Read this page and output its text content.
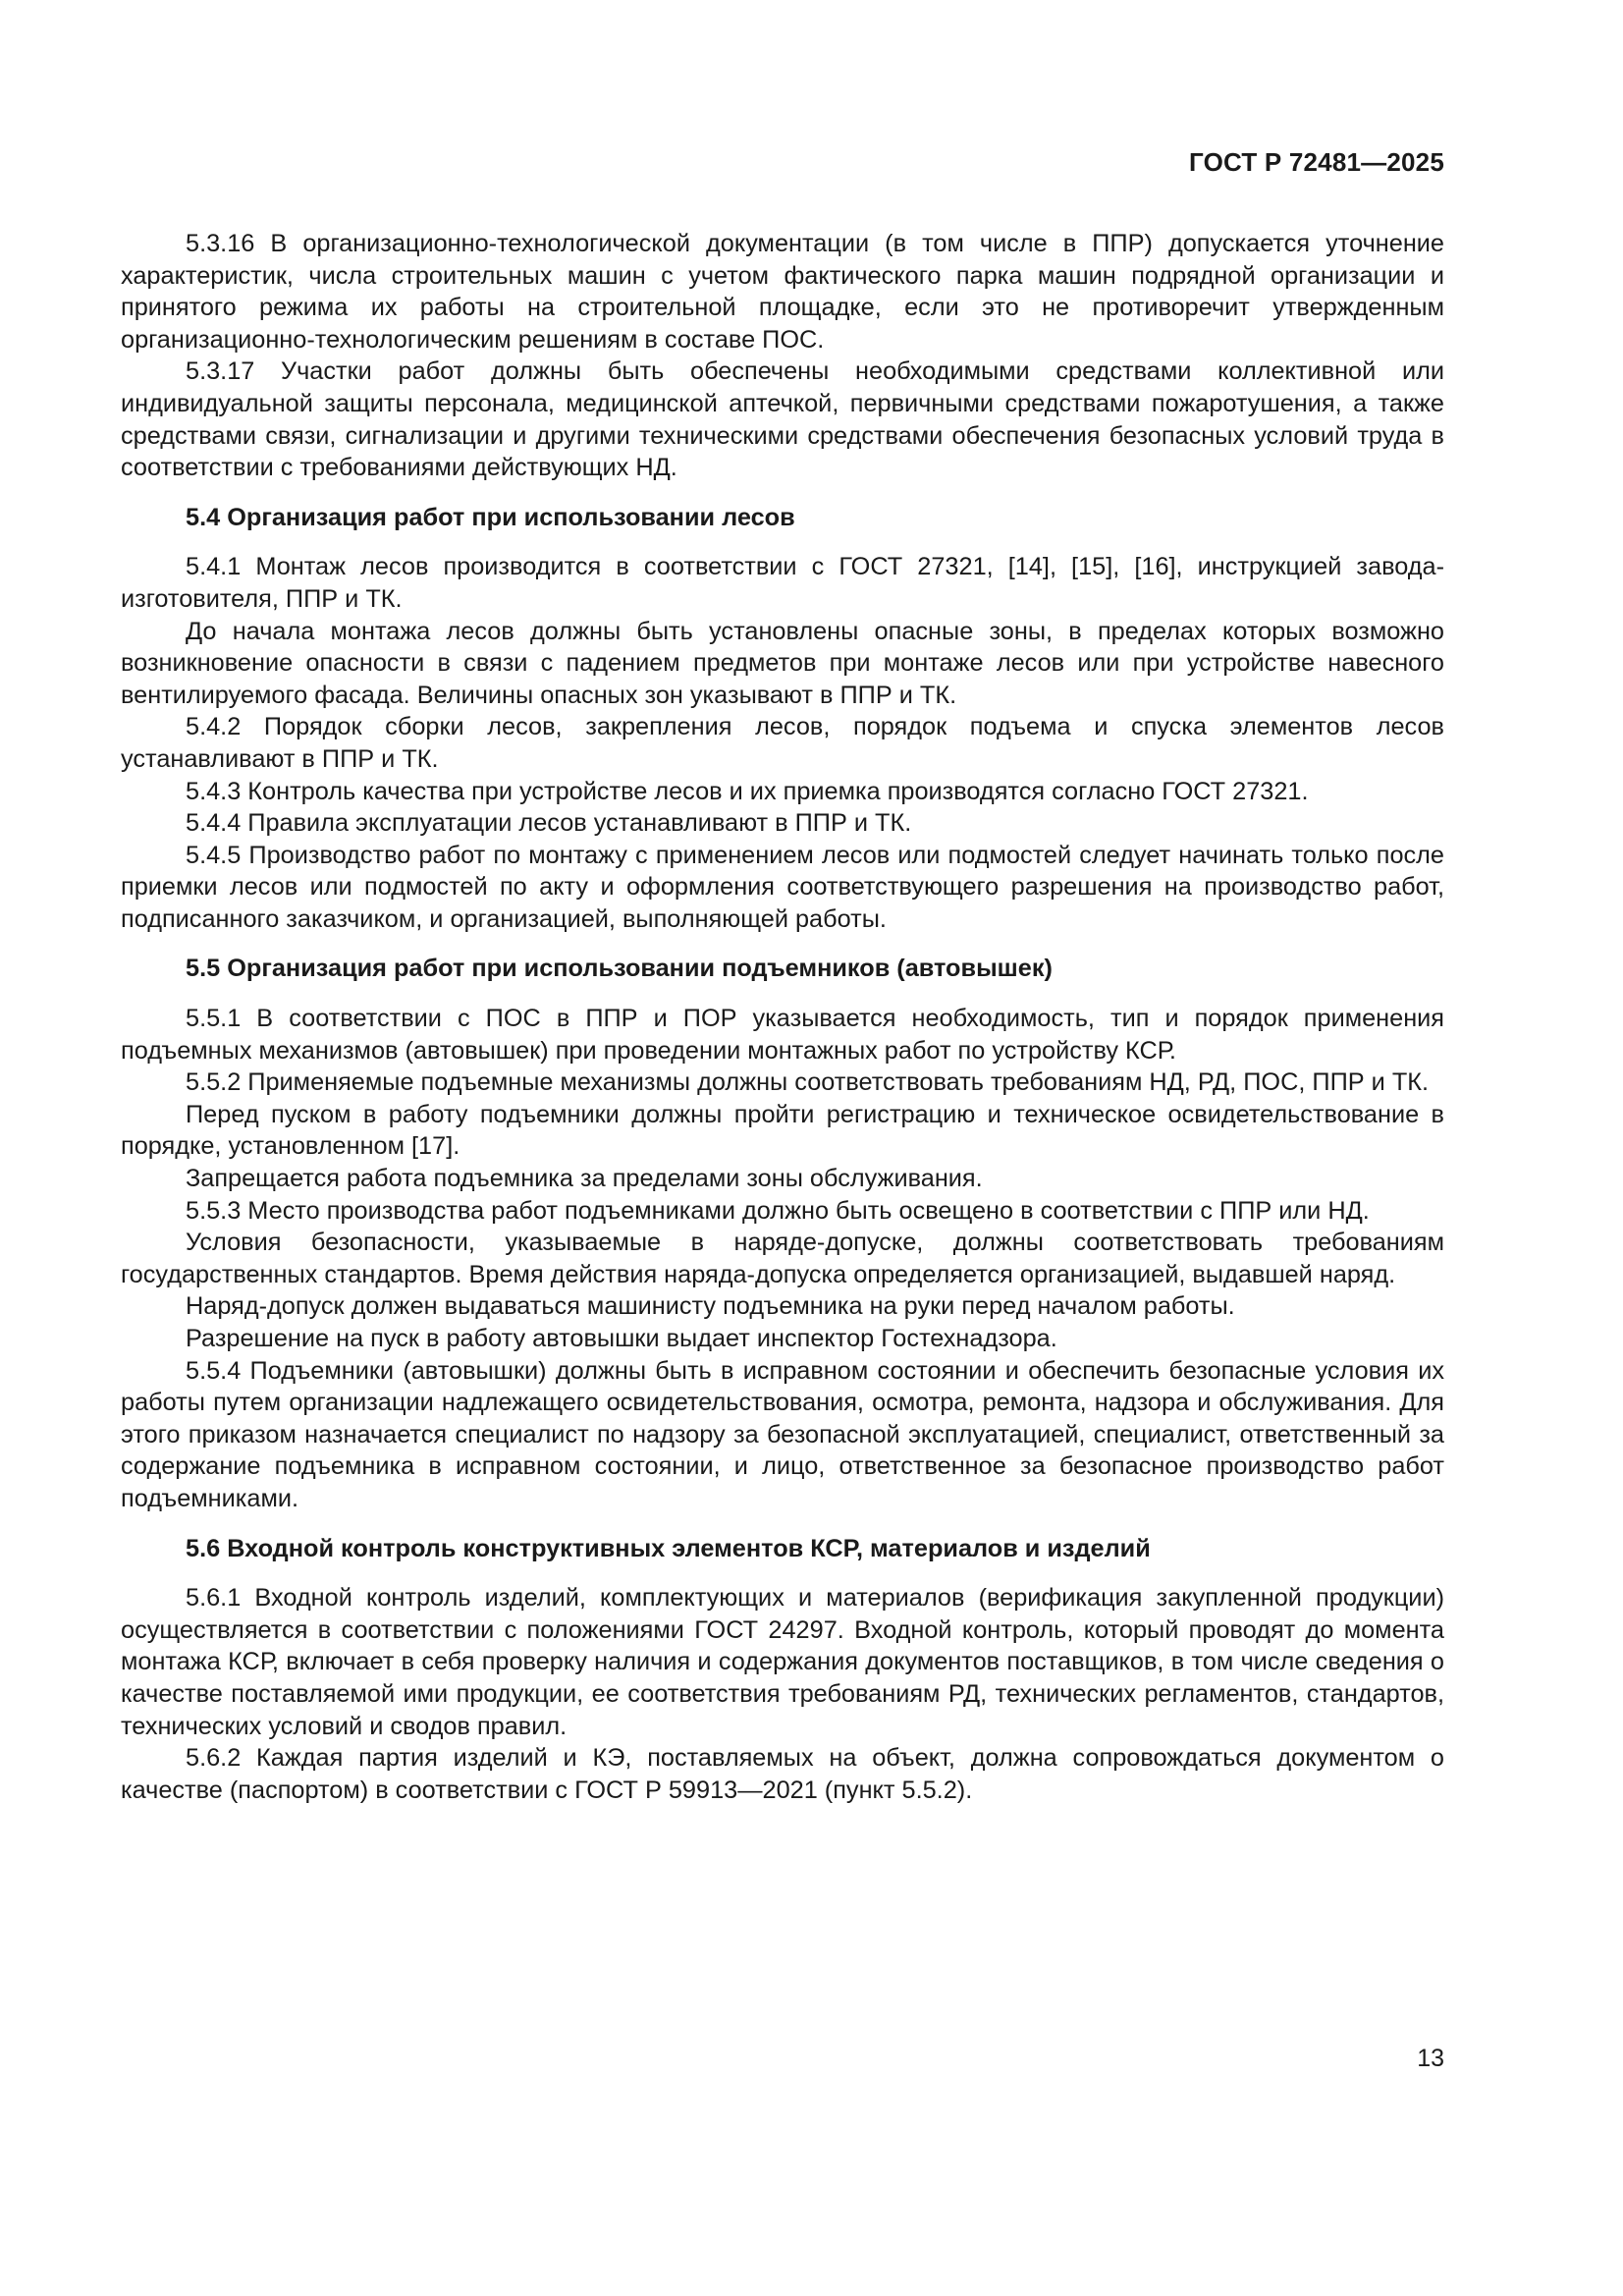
ГОСТ Р 72481—2025

5.3.16 В организационно-технологической документации (в том числе в ППР) допускается уточнение характеристик, числа строительных машин с учетом фактического парка машин подрядной организации и принятого режима их работы на строительной площадке, если это не противоречит утвержденным организационно-технологическим решениям в составе ПОС.

5.3.17 Участки работ должны быть обеспечены необходимыми средствами коллективной или индивидуальной защиты персонала, медицинской аптечкой, первичными средствами пожаротушения, а также средствами связи, сигнализации и другими техническими средствами обеспечения безопасных условий труда в соответствии с требованиями действующих НД.

5.4 Организация работ при использовании лесов

5.4.1 Монтаж лесов производится в соответствии с ГОСТ 27321, [14], [15], [16], инструкцией завода-изготовителя, ППР и ТК.

До начала монтажа лесов должны быть установлены опасные зоны, в пределах которых возможно возникновение опасности в связи с падением предметов при монтаже лесов или при устройстве навесного вентилируемого фасада. Величины опасных зон указывают в ППР и ТК.

5.4.2 Порядок сборки лесов, закрепления лесов, порядок подъема и спуска элементов лесов устанавливают в ППР и ТК.

5.4.3 Контроль качества при устройстве лесов и их приемка производятся согласно ГОСТ 27321.

5.4.4 Правила эксплуатации лесов устанавливают в ППР и ТК.

5.4.5 Производство работ по монтажу с применением лесов или подмостей следует начинать только после приемки лесов или подмостей по акту и оформления соответствующего разрешения на производство работ, подписанного заказчиком, и организацией, выполняющей работы.

5.5 Организация работ при использовании подъемников (автовышек)

5.5.1 В соответствии с ПОС в ППР и ПОР указывается необходимость, тип и порядок применения подъемных механизмов (автовышек) при проведении монтажных работ по устройству КСР.

5.5.2 Применяемые подъемные механизмы должны соответствовать требованиям НД, РД, ПОС, ППР и ТК.

Перед пуском в работу подъемники должны пройти регистрацию и техническое освидетельствование в порядке, установленном [17].

Запрещается работа подъемника за пределами зоны обслуживания.

5.5.3 Место производства работ подъемниками должно быть освещено в соответствии с ППР или НД.

Условия безопасности, указываемые в наряде-допуске, должны соответствовать требованиям государственных стандартов. Время действия наряда-допуска определяется организацией, выдавшей наряд.

Наряд-допуск должен выдаваться машинисту подъемника на руки перед началом работы.

Разрешение на пуск в работу автовышки выдает инспектор Гостехнадзора.

5.5.4 Подъемники (автовышки) должны быть в исправном состоянии и обеспечить безопасные условия их работы путем организации надлежащего освидетельствования, осмотра, ремонта, надзора и обслуживания. Для этого приказом назначается специалист по надзору за безопасной эксплуатацией, специалист, ответственный за содержание подъемника в исправном состоянии, и лицо, ответственное за безопасное производство работ подъемниками.

5.6 Входной контроль конструктивных элементов КСР, материалов и изделий

5.6.1 Входной контроль изделий, комплектующих и материалов (верификация закупленной продукции) осуществляется в соответствии с положениями ГОСТ 24297. Входной контроль, который проводят до момента монтажа КСР, включает в себя проверку наличия и содержания документов поставщиков, в том числе сведения о качестве поставляемой ими продукции, ее соответствия требованиям РД, технических регламентов, стандартов, технических условий и сводов правил.

5.6.2 Каждая партия изделий и КЭ, поставляемых на объект, должна сопровождаться документом о качестве (паспортом) в соответствии с ГОСТ Р 59913—2021 (пункт 5.5.2).

13
